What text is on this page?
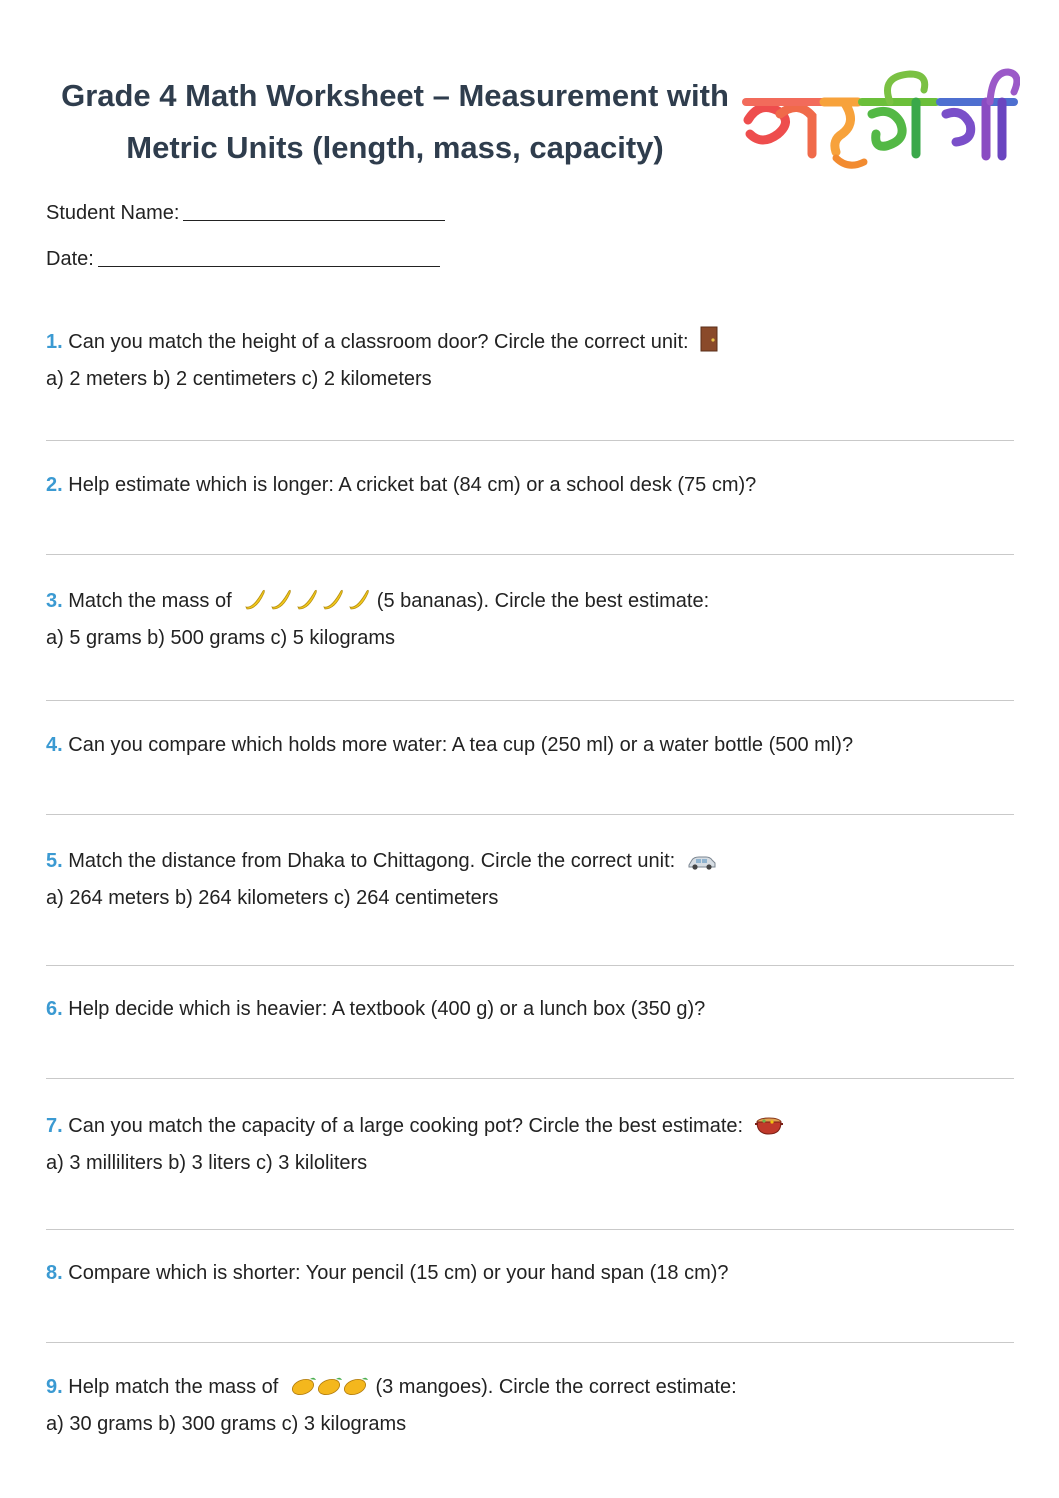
Grade 4 Math Worksheet – Measurement with
Metric Units (length, mass, capacity)
Student Name:
Date:
1. Can you match the height of a classroom door? Circle the correct unit:
a) 2 meters b) 2 centimeters c) 2 kilometers
2. Help estimate which is longer: A cricket bat (84 cm) or a school desk (75 cm)?
3. Match the mass of	(5 bananas). Circle the best estimate:
a) 5 grams b) 500 grams c) 5 kilograms
4. Can you compare which holds more water: A tea cup (250 ml) or a water bottle (500 ml)?
5. Match the distance from Dhaka to Chittagong. Circle the correct unit:
a) 264 meters b) 264 kilometers c) 264 centimeters
6. Help decide which is heavier: A textbook (400 g) or a lunch box (350 g)?
7. Can you match the capacity of a large cooking pot? Circle the best estimate:
a) 3 milliliters b) 3 liters c) 3 kiloliters
8. Compare which is shorter: Your pencil (15 cm) or your hand span (18 cm)?
9. Help match the mass of	(3 mangoes). Circle the correct estimate:
a) 30 grams b) 300 grams c) 3 kilograms
